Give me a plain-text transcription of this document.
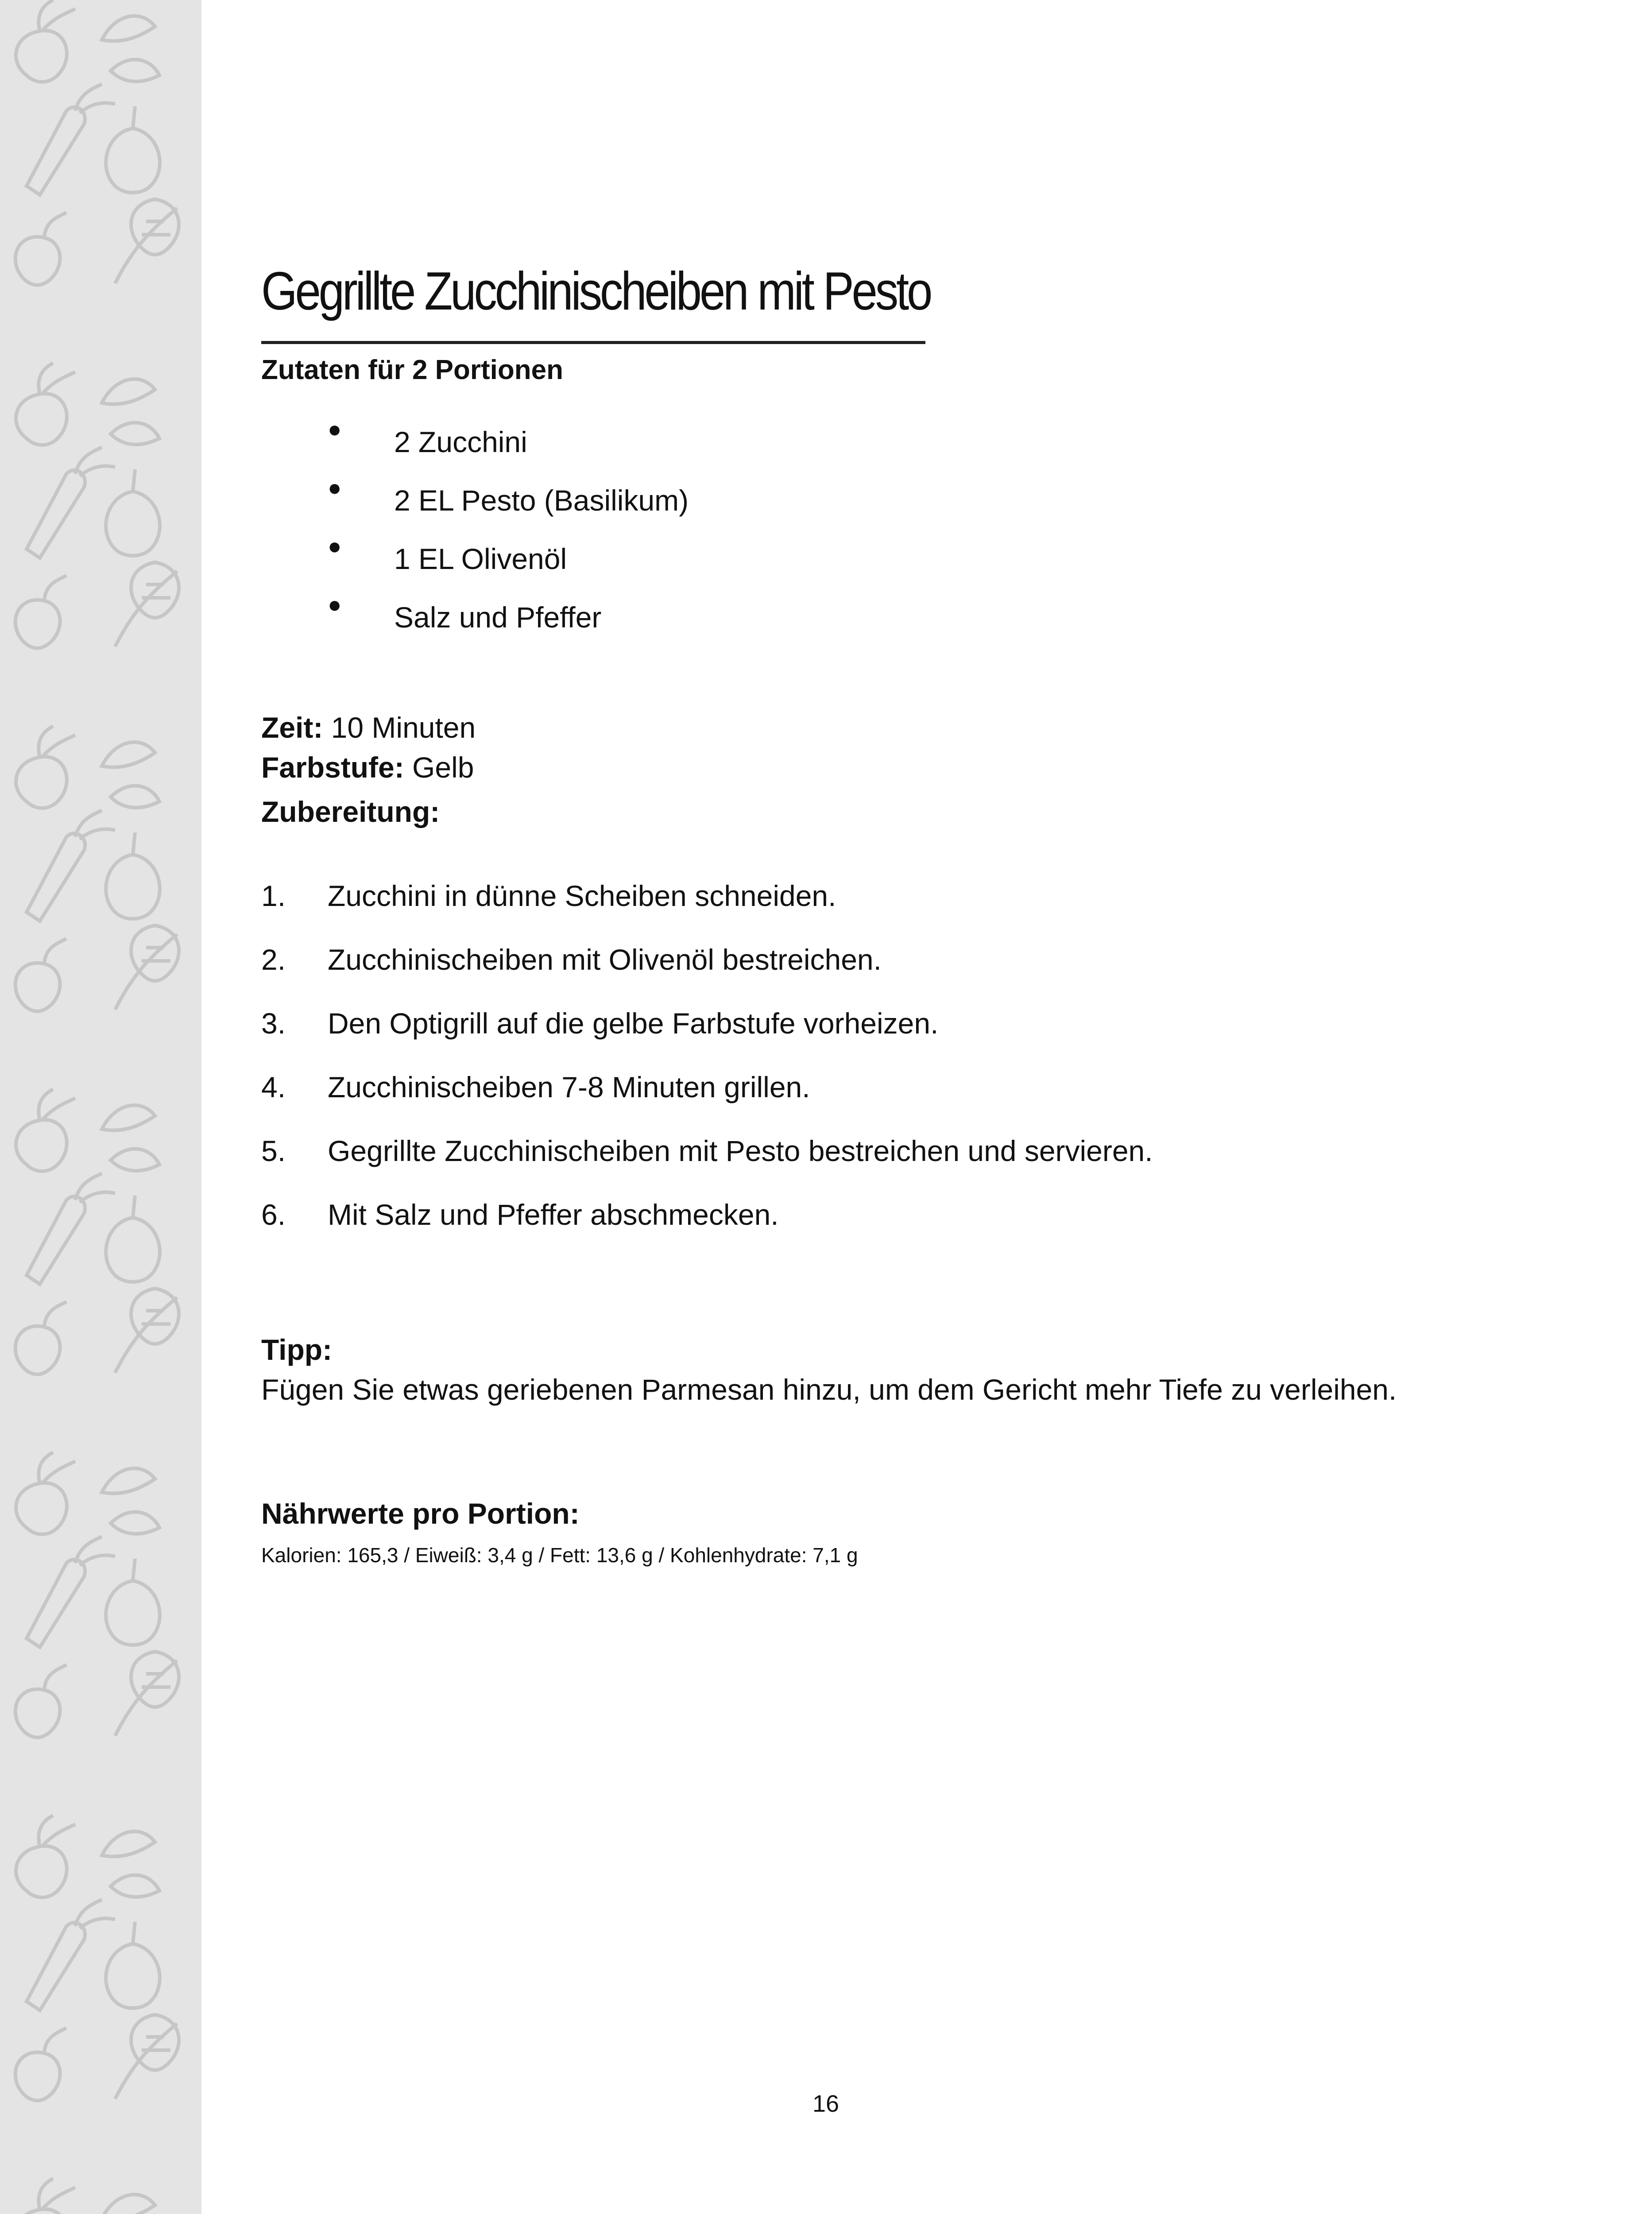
Gegrillte Zucchinischeiben mit Pesto
Zutaten für 2 Portionen
● 2 Zucchini
● 2 EL Pesto (Basilikum)
● 1 EL Olivenöl
● Salz und Pfeffer
Zeit: 10 Minuten
Farbstufe: Gelb
Zubereitung:
1. Zucchini in dünne Scheiben schneiden.
2. Zucchinischeiben mit Olivenöl bestreichen.
3. Den Optigrill auf die gelbe Farbstufe vorheizen.
4. Zucchinischeiben 7-8 Minuten grillen.
5. Gegrillte Zucchinischeiben mit Pesto bestreichen und servieren.
6. Mit Salz und Pfeffer abschmecken.
Tipp:
Fügen Sie etwas geriebenen Parmesan hinzu, um dem Gericht mehr Tiefe zu verleihen.
Nährwerte pro Portion:
Kalorien: 165,3 / Eiweiß: 3,4 g / Fett: 13,6 g / Kohlenhydrate: 7,1 g
16
